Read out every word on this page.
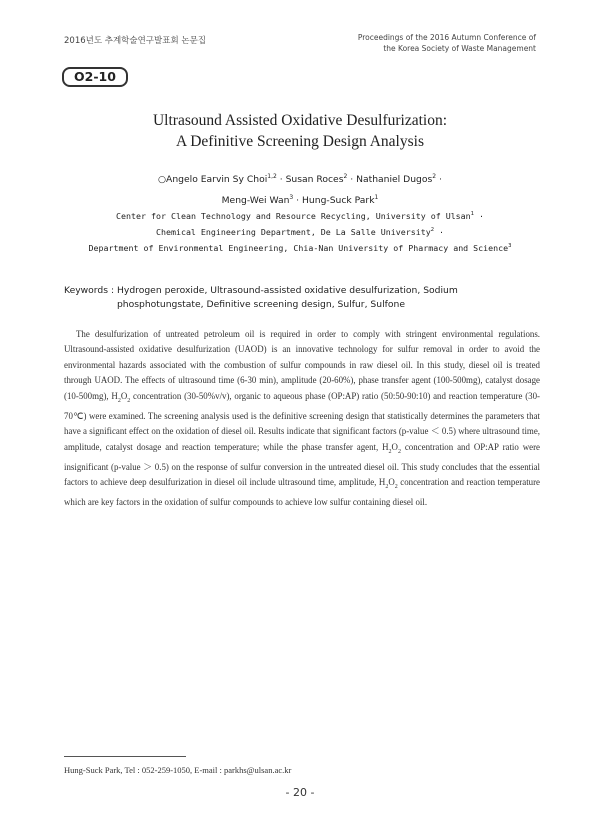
2016년도 추계학술연구발표회 논문집	Proceedings of the 2016 Autumn Conference of
the Korea Society of Waste Management
O2-10
Ultrasound Assisted Oxidative Desulfurization:
A Definitive Screening Design Analysis
○Angelo Earvin Sy Choi$^{1,2}$ · Susan Roces$^2$ · Nathaniel Dugos$^2$ ·
Meng-Wei Wan$^3$ · Hung-Suck Park$^1$
Center for Clean Technology and Resource Recycling, University of Ulsan$^1$ ·
Chemical Engineering Department, De La Salle University$^2$ ·
Department of Environmental Engineering, Chia-Nan University of Pharmacy and Science$^3$
Keywords : Hydrogen peroxide, Ultrasound-assisted oxidative desulfurization, Sodium phosphotungstate, Definitive screening design, Sulfur, Sulfone
The desulfurization of untreated petroleum oil is required in order to comply with stringent environmental regulations. Ultrasound-assisted oxidative desulfurization (UAOD) is an innovative technology for sulfur removal in order to avoid the environmental hazards associated with the combustion of sulfur compounds in raw diesel oil. In this study, diesel oil is treated through UAOD. The effects of ultrasound time (6-30 min), amplitude (20-60%), phase transfer agent (100-500mg), catalyst dosage (10-500mg), $H_2O_2$ concentration (30-50%v/v), organic to aqueous phase (OP:AP) ratio (50:50-90:10) and reaction temperature (30-70℃) were examined. The screening analysis used is the definitive screening design that statistically determines the parameters that have a significant effect on the oxidation of diesel oil. Results indicate that significant factors (p-value ＜ 0.5) where ultrasound time, amplitude, catalyst dosage and reaction temperature; while the phase transfer agent, $H_2O_2$ concentration and OP:AP ratio were insignificant (p-value ＞ 0.5) on the response of sulfur conversion in the untreated diesel oil. This study concludes that the essential factors to achieve deep desulfurization in diesel oil include ultrasound time, amplitude, $H_2O_2$ concentration and reaction temperature which are key factors in the oxidation of sulfur compounds to achieve low sulfur containing diesel oil.
Hung-Suck Park, Tel : 052-259-1050, E-mail : parkhs@ulsan.ac.kr
- 20 -
